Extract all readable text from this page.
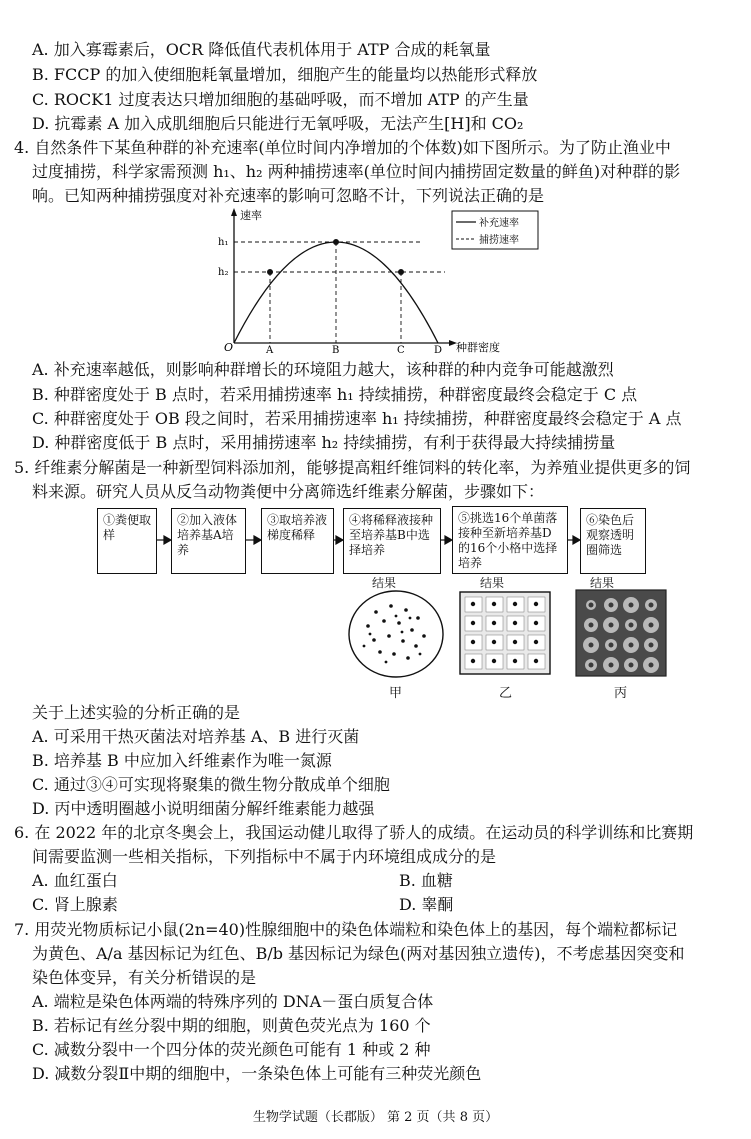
A. 加入寡霉素后，OCR 降低值代表机体用于 ATP 合成的耗氧量
B. FCCP 的加入使细胞耗氧量增加，细胞产生的能量均以热能形式释放
C. ROCK1 过度表达只增加细胞的基础呼吸，而不增加 ATP 的产生量
D. 抗霉素 A 加入成肌细胞后只能进行无氧呼吸，无法产生[H]和 CO₂
4. 自然条件下某鱼种群的补充速率(单位时间内净增加的个体数)如下图所示。为了防止渔业中
过度捕捞，科学家需预测 h₁、h₂ 两种捕捞速率(单位时间内捕捞固定数量的鲜鱼)对种群的影
响。已知两种捕捞强度对补充速率的影响可忽略不计，下列说法正确的是
速率
种群密度
O
h₁
h₂
A	B	C	D
补充速率
捕捞速率
A. 补充速率越低，则影响种群增长的环境阻力越大，该种群的种内竞争可能越激烈
B. 种群密度处于 B 点时，若采用捕捞速率 h₁ 持续捕捞，种群密度最终会稳定于 C 点
C. 种群密度处于 OB 段之间时，若采用捕捞速率 h₁ 持续捕捞，种群密度最终会稳定于 A 点
D. 种群密度低于 B 点时，采用捕捞速率 h₂ 持续捕捞，有利于获得最大持续捕捞量
5. 纤维素分解菌是一种新型饲料添加剂，能够提高粗纤维饲料的转化率，为养殖业提供更多的饲
料来源。研究人员从反刍动物粪便中分离筛选纤维素分解菌，步骤如下：
①粪便取样
②加入液体培养基A培养
③取培养液梯度稀释
④将稀释液接种至培养基B中选择培养
⑤挑选16个单菌落接种至新培养基D的16个小格中选择培养
⑥染色后观察透明圈筛选
结果	结果	结果
甲	乙	丙
关于上述实验的分析正确的是
A. 可采用干热灭菌法对培养基 A、B 进行灭菌
B. 培养基 B 中应加入纤维素作为唯一氮源
C. 通过③④可实现将聚集的微生物分散成单个细胞
D. 丙中透明圈越小说明细菌分解纤维素能力越强
6. 在 2022 年的北京冬奥会上，我国运动健儿取得了骄人的成绩。在运动员的科学训练和比赛期
间需要监测一些相关指标，下列指标中不属于内环境组成成分的是
A. 血红蛋白	B. 血糖
C. 肾上腺素	D. 睾酮
7. 用荧光物质标记小鼠(2n=40)性腺细胞中的染色体端粒和染色体上的基因，每个端粒都标记
为黄色、A/a 基因标记为红色、B/b 基因标记为绿色(两对基因独立遗传)，不考虑基因突变和
染色体变异，有关分析错误的是
A. 端粒是染色体两端的特殊序列的 DNA－蛋白质复合体
B. 若标记有丝分裂中期的细胞，则黄色荧光点为 160 个
C. 减数分裂中一个四分体的荧光颜色可能有 1 种或 2 种
D. 减数分裂Ⅱ中期的细胞中，一条染色体上可能有三种荧光颜色
生物学试题（长郡版） 第 2 页（共 8 页）
